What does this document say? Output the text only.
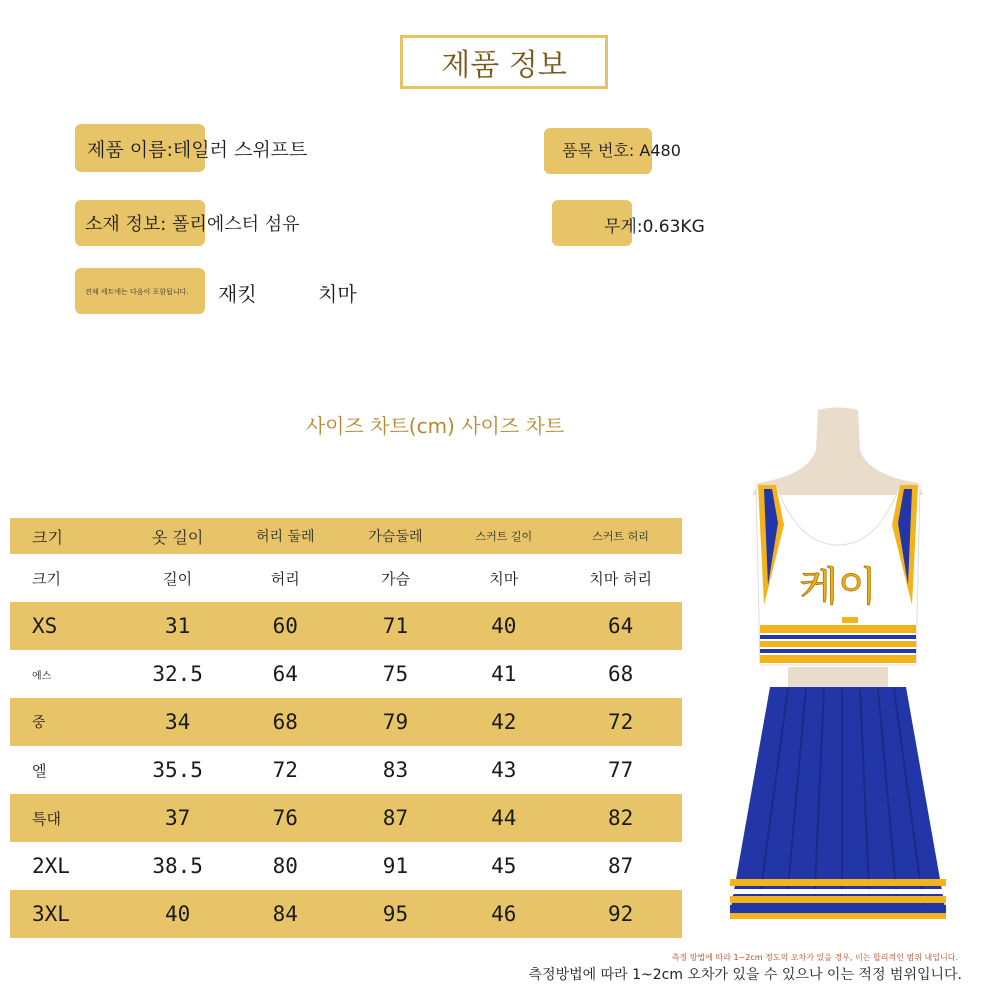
제품 정보
제품 이름:테일러 스위프트	품목 번호: A480
소재 정보: 폴리에스터 섬유	무게:0.63KG
전체 세트에는 다음이 포함됩니다. 재킷	치마
사이즈 차트(cm) 사이즈 차트
크기	옷 길이	허리 둘레	가슴둘레	스커트 길이	스커트 허리
크기	길이	허리	가슴	치마	치마 허리
XS	31	60	71	40	64
에스	32.5	64	75	41	68
중	34	68	79	42	72
엘	35.5	72	83	43	77
특대	37	76	87	44	82
2XL	38.5	80	91	45	87
3XL	40	84	95	46	92
케이
측정 방법에 따라 1~2cm 정도의 오차가 있을 경우, 이는 합리적인 범위 내입니다.
측정방법에 따라 1~2cm 오차가 있을 수 있으나 이는 적정 범위입니다.
